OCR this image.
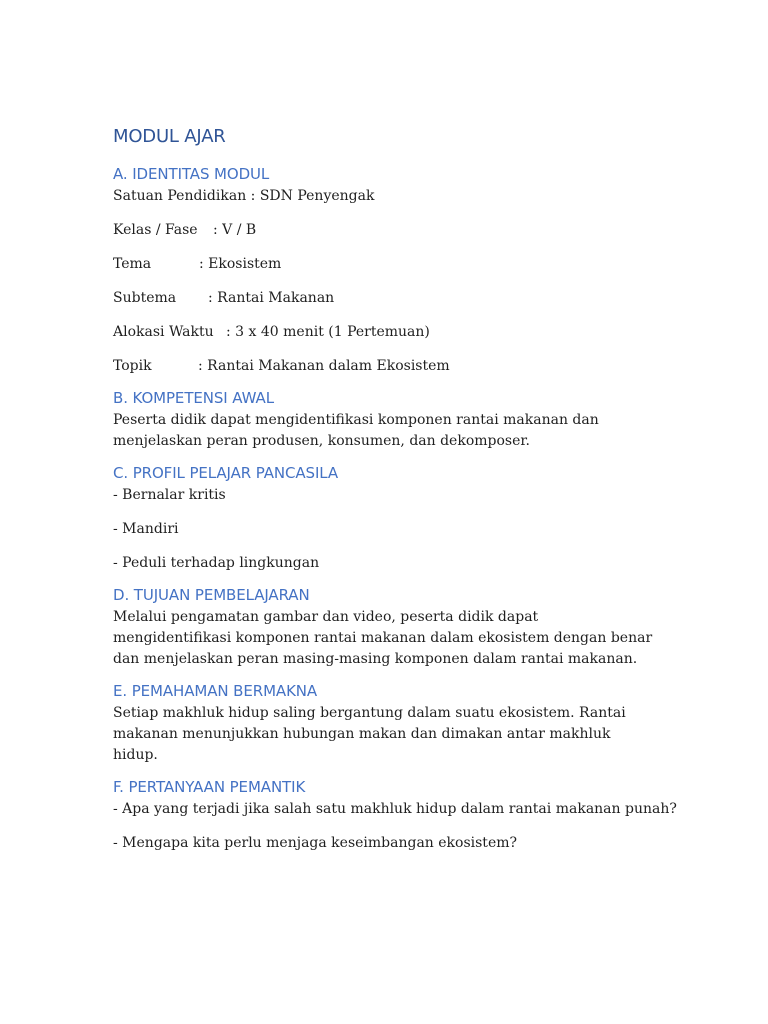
MODUL AJAR
A. IDENTITAS MODUL
Satuan Pendidikan : SDN Penyengak
Kelas / Fase	: V / B
Tema	: Ekosistem
Subtema	: Rantai Makanan
Alokasi Waktu : 3 x 40 menit (1 Pertemuan)
Topik	: Rantai Makanan dalam Ekosistem
B. KOMPETENSI AWAL

Peserta didik dapat mengidentifikasi komponen rantai makanan dan menjelaskan peran produsen, konsumen, dan dekomposer.

C. PROFIL PELAJAR PANCASILA

- Bernalar kritis

- Mandiri

- Peduli terhadap lingkungan

D. TUJUAN PEMBELAJARAN

Melalui pengamatan gambar dan video, peserta didik dapat mengidentifikasi komponen rantai makanan dalam ekosistem dengan benar dan menjelaskan peran masing-masing komponen dalam rantai makanan.

E. PEMAHAMAN BERMAKNA

Setiap makhluk hidup saling bergantung dalam suatu ekosistem. Rantai makanan menunjukkan hubungan makan dan dimakan antar makhluk hidup.

F. PERTANYAAN PEMANTIK

- Apa yang terjadi jika salah satu makhluk hidup dalam rantai makanan punah?

- Mengapa kita perlu menjaga keseimbangan ekosistem?
